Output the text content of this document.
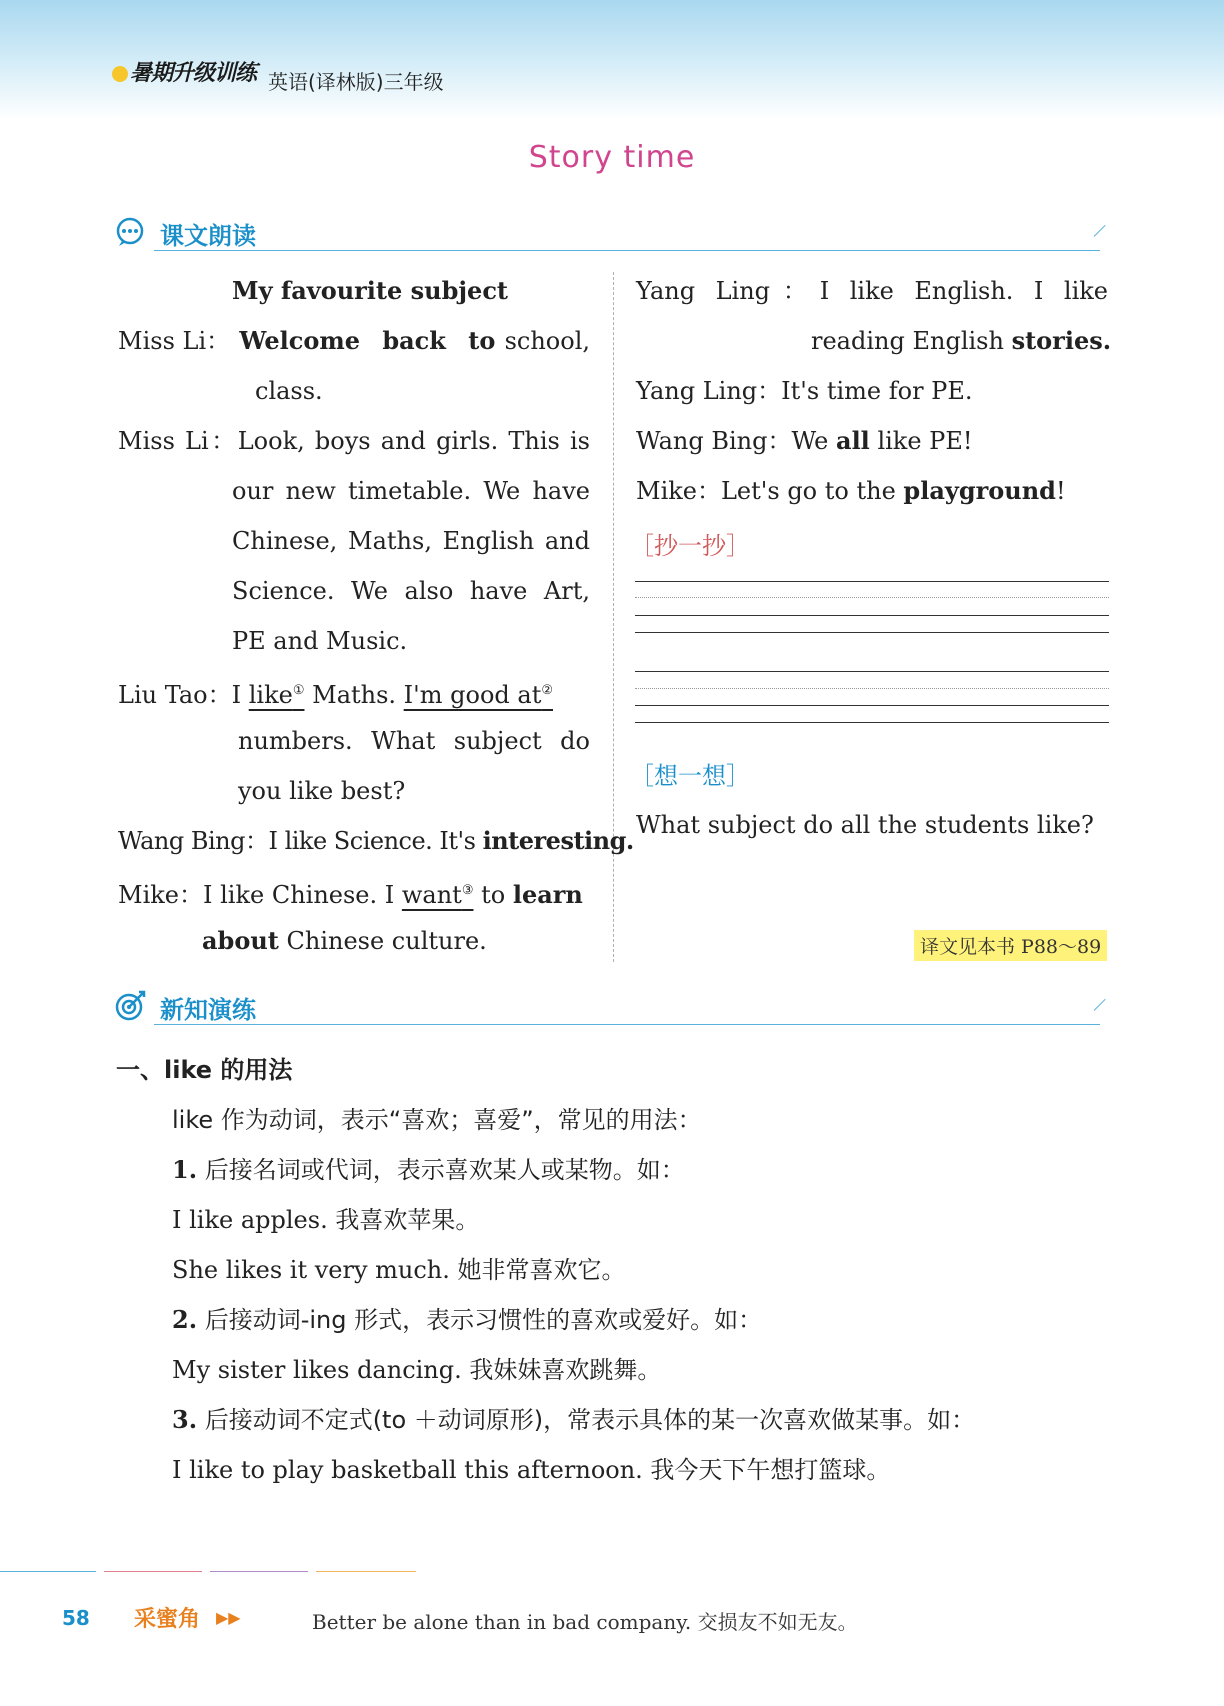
暑期升级训练 英语(译林版)三年级
Story time
课文朗读
My favourite subject
Miss Li： Welcome back to school,
class.
Miss Li：Look, boys and girls. This is
our new timetable. We have
Chinese, Maths, English and
Science. We also have Art,
PE and Music.
Liu Tao：I like① Maths. I'm good at②
numbers. What subject do
you like best?
Wang Bing：I like Science. It's interesting.
Mike：I like Chinese. I want③ to learn
about Chinese culture.
Yang Ling：I like English. I like
reading English stories.
Yang Ling：It's time for PE.
Wang Bing：We all like PE!
Mike：Let's go to the playground!
［抄一抄］
［想一想］
What subject do all the students like?
译文见本书 P88～89
新知演练
一、like 的用法
like 作为动词，表示“喜欢；喜爱”，常见的用法：
1. 后接名词或代词，表示喜欢某人或某物。如：
I like apples. 我喜欢苹果。
She likes it very much. 她非常喜欢它。
2. 后接动词-ing 形式，表示习惯性的喜欢或爱好。如：
My sister likes dancing. 我妹妹喜欢跳舞。
3. 后接动词不定式(to ＋动词原形)，常表示具体的某一次喜欢做某事。如：
I like to play basketball this afternoon. 我今天下午想打篮球。
58 采蜜角 ▶▶	Better be alone than in bad company. 交损友不如无友。
